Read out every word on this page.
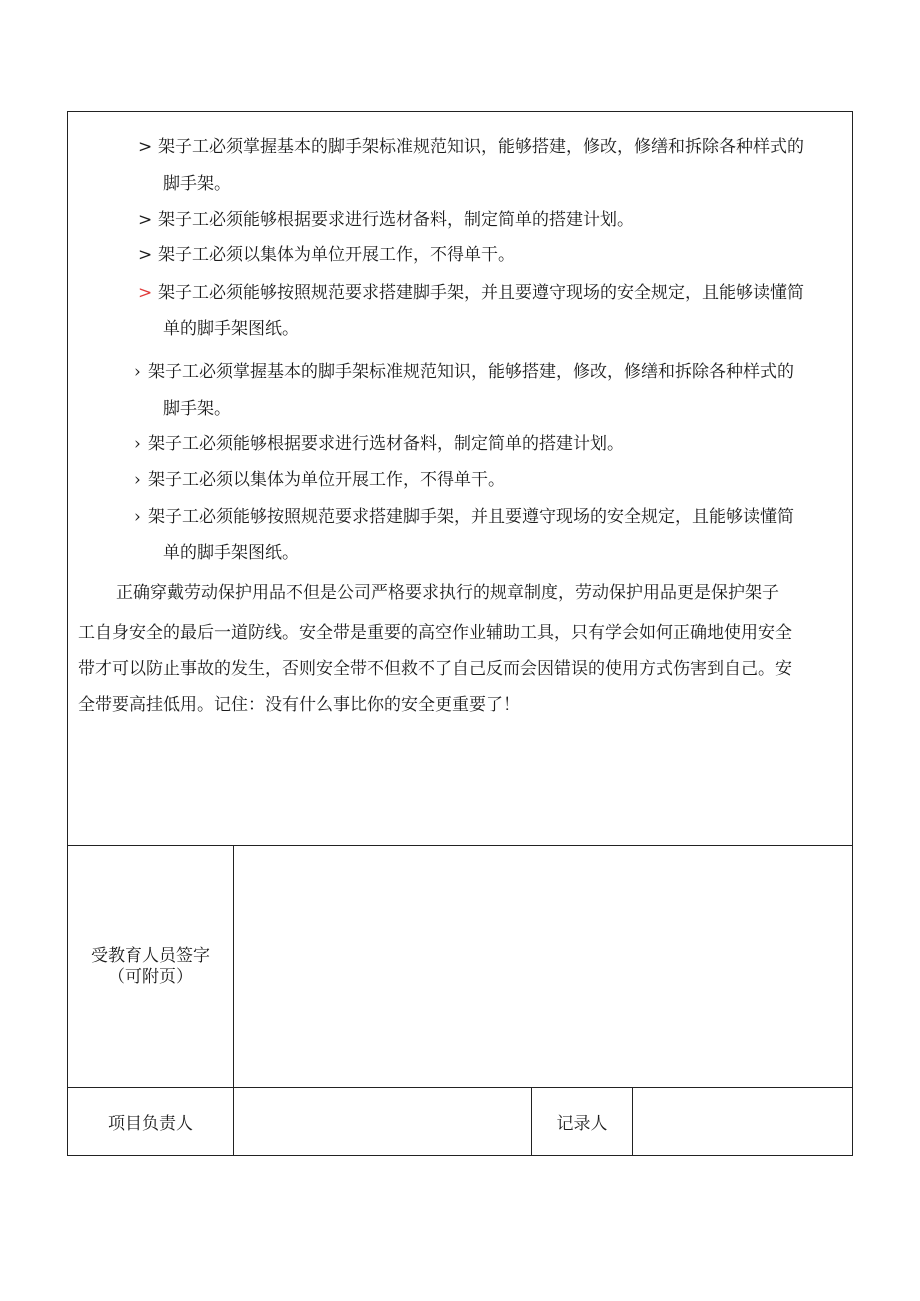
> 架子工必须掌握基本的脚手架标准规范知识，能够搭建，修改，修缮和拆除各种样式的
脚手架。
> 架子工必须能够根据要求进行选材备料，制定简单的搭建计划。
> 架子工必须以集体为单位开展工作，不得单干。
> 架子工必须能够按照规范要求搭建脚手架，并且要遵守现场的安全规定，且能够读懂简
单的脚手架图纸。
› 架子工必须掌握基本的脚手架标准规范知识，能够搭建，修改，修缮和拆除各种样式的
脚手架。
› 架子工必须能够根据要求进行选材备料，制定简单的搭建计划。
› 架子工必须以集体为单位开展工作，不得单干。
› 架子工必须能够按照规范要求搭建脚手架，并且要遵守现场的安全规定，且能够读懂简
单的脚手架图纸。
正确穿戴劳动保护用品不但是公司严格要求执行的规章制度，劳动保护用品更是保护架子
工自身安全的最后一道防线。安全带是重要的高空作业辅助工具，只有学会如何正确地使用安全
带才可以防止事故的发生，否则安全带不但救不了自己反而会因错误的使用方式伤害到自己。安
全带要高挂低用。记住：没有什么事比你的安全更重要了！
受教育人员签字
（可附页）
项目负责人	记录人
